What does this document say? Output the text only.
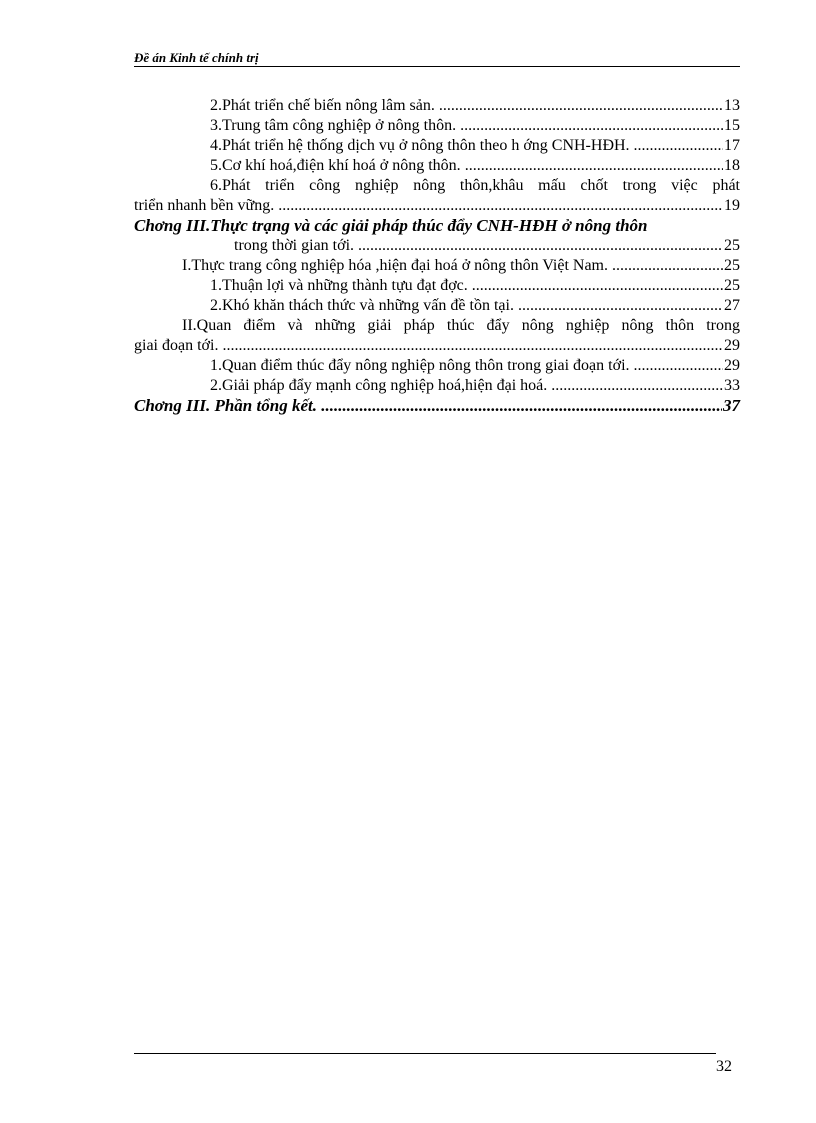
Đề án Kinh tế chính trị
2.Phát triển chế biến nông lâm sản. .....	13
3.Trung tâm công nghiệp ở nông thôn. .....	15
4.Phát triển hệ thống dịch vụ ở nông thôn theo h ớng CNH-HĐH. .....	17
5.Cơ khí hoá,điện khí hoá ở nông thôn. .....	18
6.Phát triển công nghiệp nông thôn,khâu mấu chốt trong việc phát
triển nhanh bền vững. .....	19
Chơng III.Thực trạng và các giải pháp thúc đẩy CNH-HĐH ở nông thôn
trong thời gian tới. .....	25
I.Thực trang công nghiệp hóa ,hiện đại hoá ở nông thôn Việt Nam. .....	25
1.Thuận lợi và những thành tựu đạt đợc. .....	25
2.Khó khăn thách thức và những vấn đề tồn tại. .....	27
II.Quan điểm và những giải pháp thúc đẩy nông nghiệp nông thôn trong
giai đoạn tới. .....	29
1.Quan điểm thúc đẩy nông nghiệp nông thôn trong giai đoạn tới. .....	29
2.Giải pháp đẩy mạnh công nghiệp hoá,hiện đại hoá. .....	33
Chơng III. Phần tổng kết. .....	37
32
